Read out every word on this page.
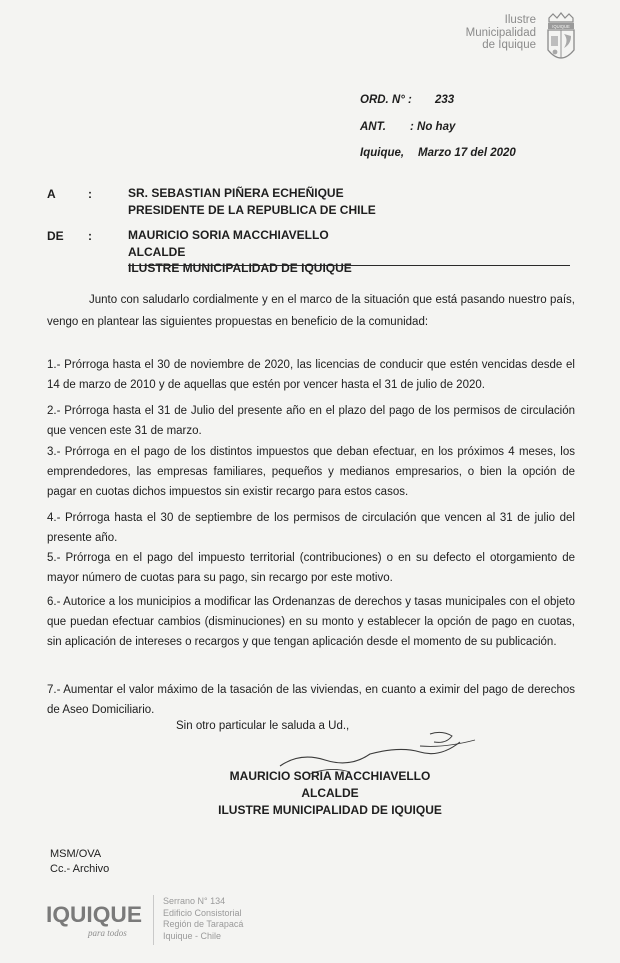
Ilustre
Municipalidad
de Iquique
IQUIQUE
ORD. N° : 233
ANT. : No hay
Iquique, Marzo 17 del 2020
A	:	SR. SEBASTIAN PIÑERA ECHEÑIQUE
PRESIDENTE DE LA REPUBLICA DE CHILE
DE :	MAURICIO SORIA MACCHIAVELLO
ALCALDE
ILUSTRE MUNICIPALIDAD DE IQUIQUE
Junto con saludarlo cordialmente y en el marco de la situación que está pasando nuestro país, vengo en plantear las siguientes propuestas en beneficio de la comunidad:
1.- Prórroga hasta el 30 de noviembre de 2020, las licencias de conducir que estén vencidas desde el 14 de marzo de 2010 y de aquellas que estén por vencer hasta el 31 de julio de 2020.
2.- Prórroga hasta el 31 de Julio del presente año en el plazo del pago de los permisos de circulación que vencen este 31 de marzo.
3.- Prórroga en el pago de los distintos impuestos que deban efectuar, en los próximos 4 meses, los emprendedores, las empresas familiares, pequeños y medianos empresarios, o bien la opción de pagar en cuotas dichos impuestos sin existir recargo para estos casos.
4.- Prórroga hasta el 30 de septiembre de los permisos de circulación que vencen al 31 de julio del presente año.
5.- Prórroga en el pago del impuesto territorial (contribuciones) o en su defecto el otorgamiento de mayor número de cuotas para su pago, sin recargo por este motivo.
6.- Autorice a los municipios a modificar las Ordenanzas de derechos y tasas municipales con el objeto que puedan efectuar cambios (disminuciones) en su monto y establecer la opción de pago en cuotas, sin aplicación de intereses o recargos y que tengan aplicación desde el momento de su publicación.
7.- Aumentar el valor máximo de la tasación de las viviendas, en cuanto a eximir del pago de derechos de Aseo Domiciliario.
Sin otro particular le saluda a Ud.,
MAURICIO SORIA MACCHIAVELLO
ALCALDE
ILUSTRE MUNICIPALIDAD DE IQUIQUE
MSM/OVA
Cc.- Archivo
IQUIQUE
para todos
Serrano N° 134
Edificio Consistorial
Región de Tarapacá
Iquique - Chile
